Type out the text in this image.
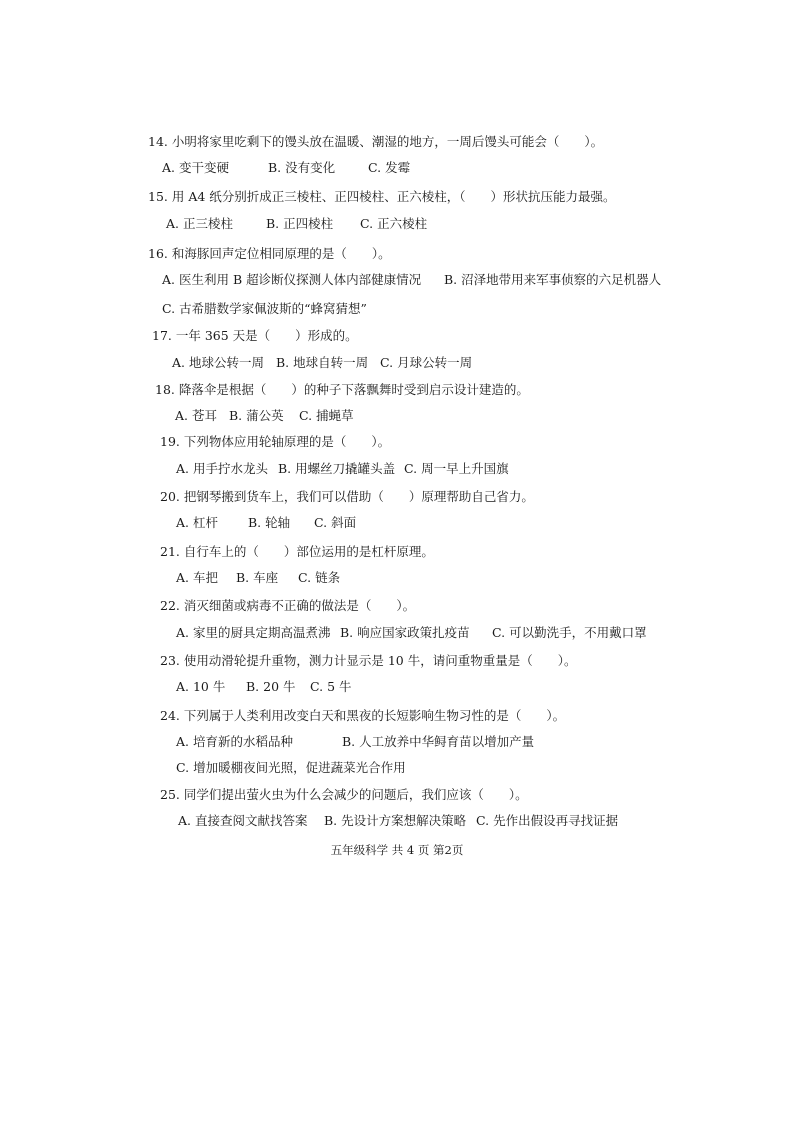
14. 小明将家里吃剩下的馒头放在温暖、潮湿的地方，一周后馒头可能会（　　）。
A. 变干变硬	B. 没有变化	C. 发霉
15. 用 A4 纸分别折成正三棱柱、正四棱柱、正六棱柱，（　　）形状抗压能力最强。
A. 正三棱柱	B. 正四棱柱 C. 正六棱柱
16. 和海豚回声定位相同原理的是（　　）。
A. 医生利用 B 超诊断仪探测人体内部健康情况 B. 沼泽地带用来军事侦察的六足机器人
C. 古希腊数学家佩波斯的“蜂窝猜想”
17. 一年 365 天是（　　）形成的。
A. 地球公转一周 B. 地球自转一周 C. 月球公转一周
18. 降落伞是根据（　　）的种子下落飘舞时受到启示设计建造的。
A. 苍耳 B. 蒲公英 C. 捕蝇草
19. 下列物体应用轮轴原理的是（　　）。
A. 用手拧水龙头 B. 用螺丝刀撬罐头盖 C. 周一早上升国旗
20. 把钢琴搬到货车上，我们可以借助（　　）原理帮助自己省力。
A. 杠杆 B. 轮轴 C. 斜面
21. 自行车上的（　　）部位运用的是杠杆原理。
A. 车把 B. 车座 C. 链条
22. 消灭细菌或病毒不正确的做法是（　　）。
A. 家里的厨具定期高温煮沸 B. 响应国家政策扎疫苗 C. 可以勤洗手，不用戴口罩
23. 使用动滑轮提升重物，测力计显示是 10 牛，请问重物重量是（　　）。
A. 10 牛 B. 20 牛 C. 5 牛
24. 下列属于人类利用改变白天和黑夜的长短影响生物习性的是（　　）。
A. 培育新的水稻品种	B. 人工放养中华鲟育苗以增加产量
C. 增加暖棚夜间光照，促进蔬菜光合作用
25. 同学们提出萤火虫为什么会减少的问题后，我们应该（　　）。
A. 直接查阅文献找答案 B. 先设计方案想解决策略 C. 先作出假设再寻找证据
五年级科学 共 4 页 第2页
